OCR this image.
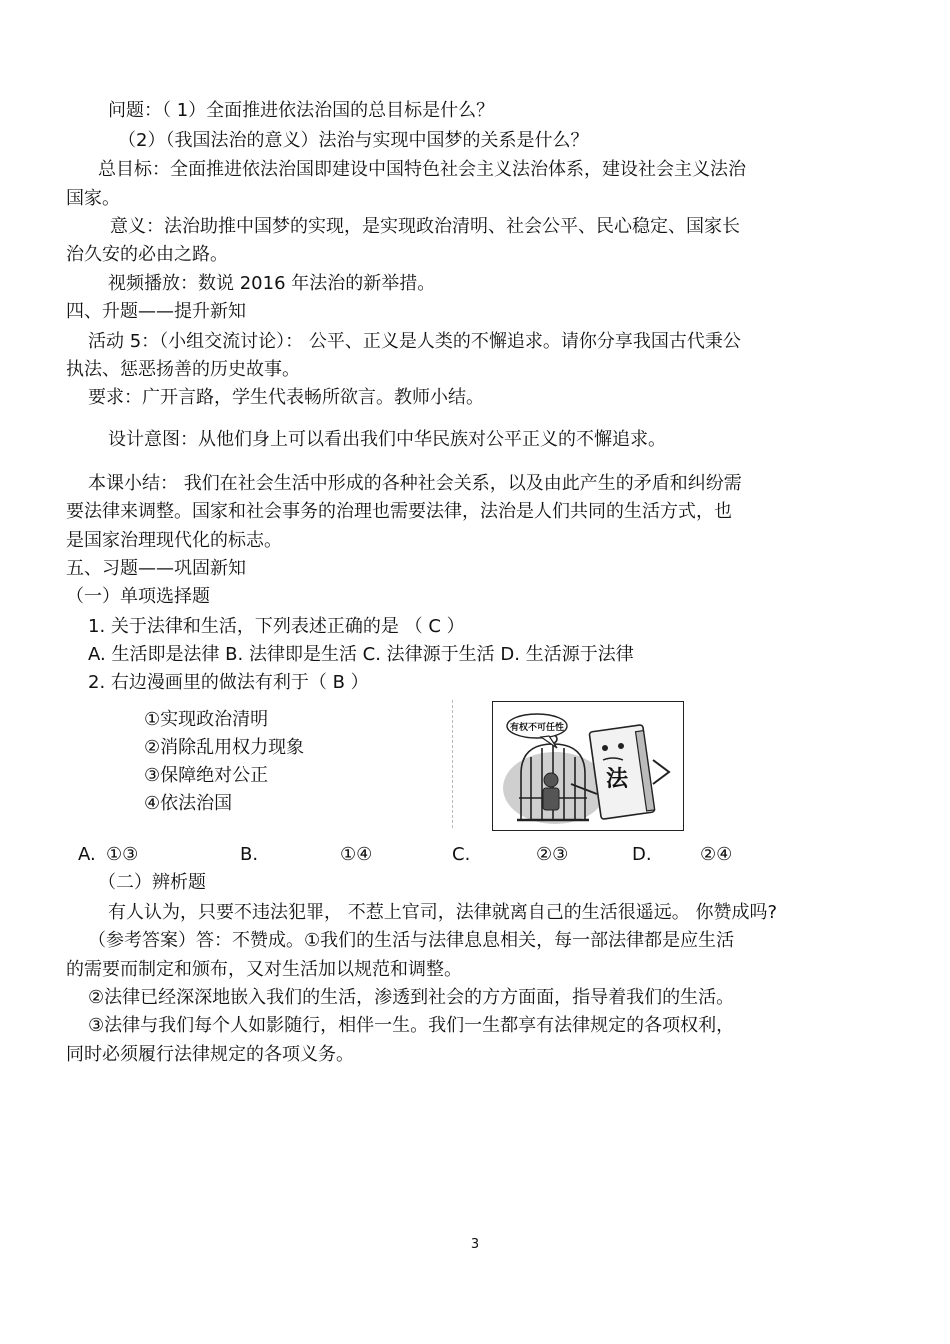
问题：（ 1）全面推进依法治国的总目标是什么？
（2）（我国法治的意义）法治与实现中国梦的关系是什么？
总目标：全面推进依法治国即建设中国特色社会主义法治体系，建设社会主义法治
国家。
意义：法治助推中国梦的实现，是实现政治清明、社会公平、民心稳定、国家长
治久安的必由之路。
视频播放：数说 2016 年法治的新举措。
四、升题——提升新知
活动 5：（小组交流讨论）： 公平、正义是人类的不懈追求。请你分享我国古代秉公
执法、惩恶扬善的历史故事。
要求：广开言路，学生代表畅所欲言。教师小结。
设计意图：从他们身上可以看出我们中华民族对公平正义的不懈追求。
本课小结： 我们在社会生活中形成的各种社会关系，以及由此产生的矛盾和纠纷需
要法律来调整。国家和社会事务的治理也需要法律，法治是人们共同的生活方式，也
是国家治理现代化的标志。
五、习题——巩固新知
（一）单项选择题
1. 关于法律和生活，下列表述正确的是 （ C ）
A. 生活即是法律 B. 法律即是生活 C. 法律源于生活 D. 生活源于法律
2. 右边漫画里的做法有利于（ B ）
①实现政治清明
②消除乱用权力现象
③保障绝对公正
④依法治国
有权不可任性
法
A. ①③	B.	①④	C.	②③	D.	②④
（二）辨析题
有人认为，只要不违法犯罪， 不惹上官司，法律就离自己的生活很遥远。 你赞成吗?
（参考答案）答：不赞成。①我们的生活与法律息息相关，每一部法律都是应生活
的需要而制定和颁布，又对生活加以规范和调整。
②法律已经深深地嵌入我们的生活，渗透到社会的方方面面，指导着我们的生活。
③法律与我们每个人如影随行，相伴一生。我们一生都享有法律规定的各项权利，
同时必须履行法律规定的各项义务。
3
